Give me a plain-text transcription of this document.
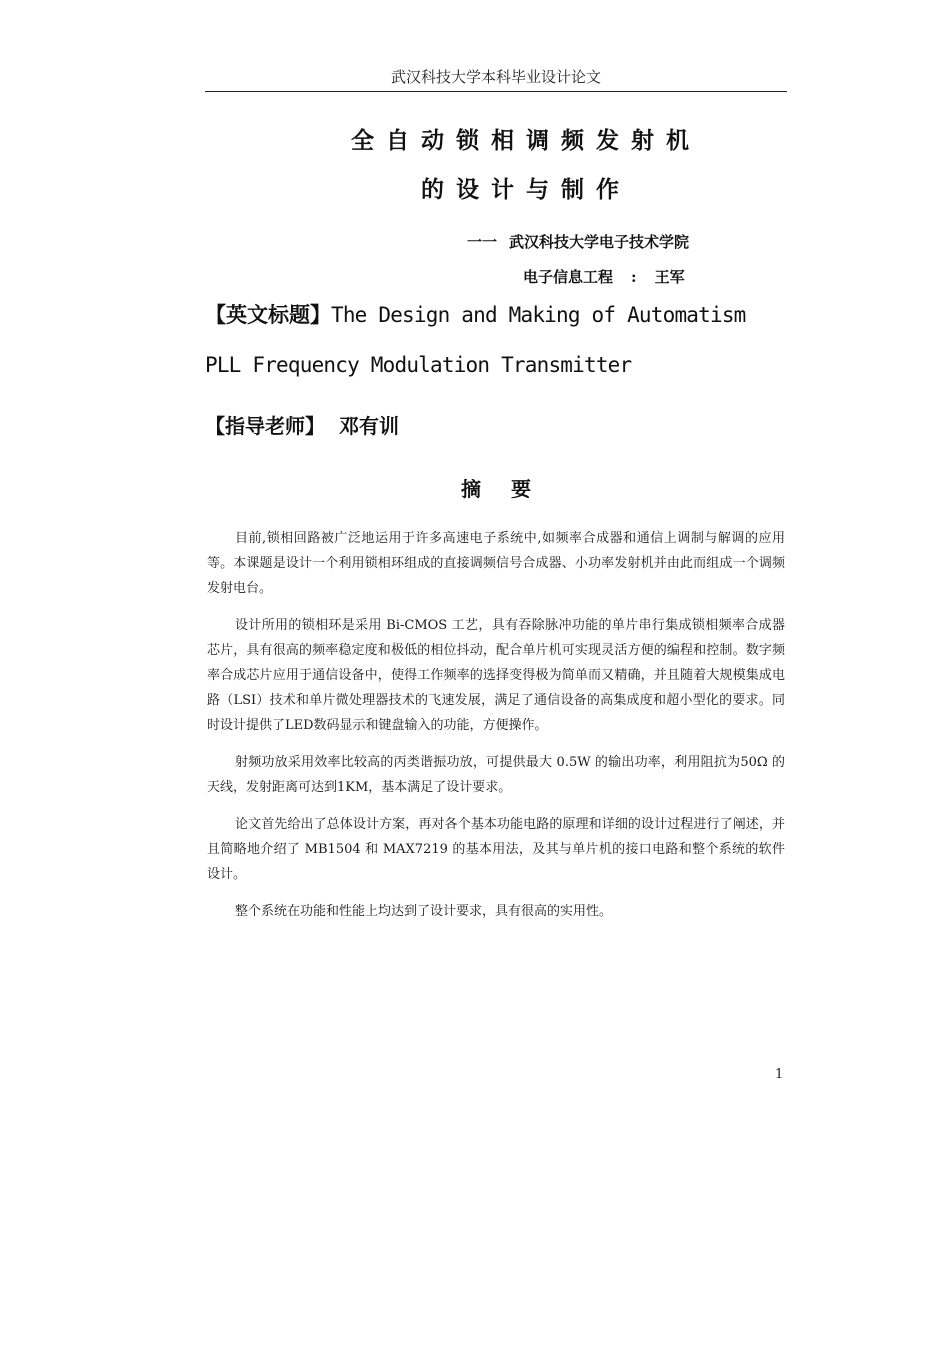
武汉科技大学本科毕业设计论文
全自动锁相调频发射机
的设计与制作
一一 武汉科技大学电子技术学院
电子信息工程 : 王军
【英文标题】The Design and Making of Automatism
PLL Frequency Modulation Transmitter
【指导老师】 邓有训
摘要

目前,锁相回路被广泛地运用于许多高速电子系统中,如频率合成器和通信上调制与解调的应用等。本课题是设计一个利用锁相环组成的直接调频信号合成器、小功率发射机并由此而组成一个调频发射电台。

设计所用的锁相环是采用 Bi-CMOS 工艺，具有吞除脉冲功能的单片串行集成锁相频率合成器芯片，具有很高的频率稳定度和极低的相位抖动，配合单片机可实现灵活方便的编程和控制。数字频率合成芯片应用于通信设备中，使得工作频率的选择变得极为简单而又精确，并且随着大规模集成电路（LSI）技术和单片微处理器技术的飞速发展，满足了通信设备的高集成度和超小型化的要求。同时设计提供了LED数码显示和键盘输入的功能，方便操作。

射频功放采用效率比较高的丙类谐振功放，可提供最大 0.5W 的输出功率，利用阻抗为50Ω 的天线，发射距离可达到1KM，基本满足了设计要求。

论文首先给出了总体设计方案，再对各个基本功能电路的原理和详细的设计过程进行了阐述，并且简略地介绍了 MB1504 和 MAX7219 的基本用法，及其与单片机的接口电路和整个系统的软件设计。

整个系统在功能和性能上均达到了设计要求，具有很高的实用性。

1
